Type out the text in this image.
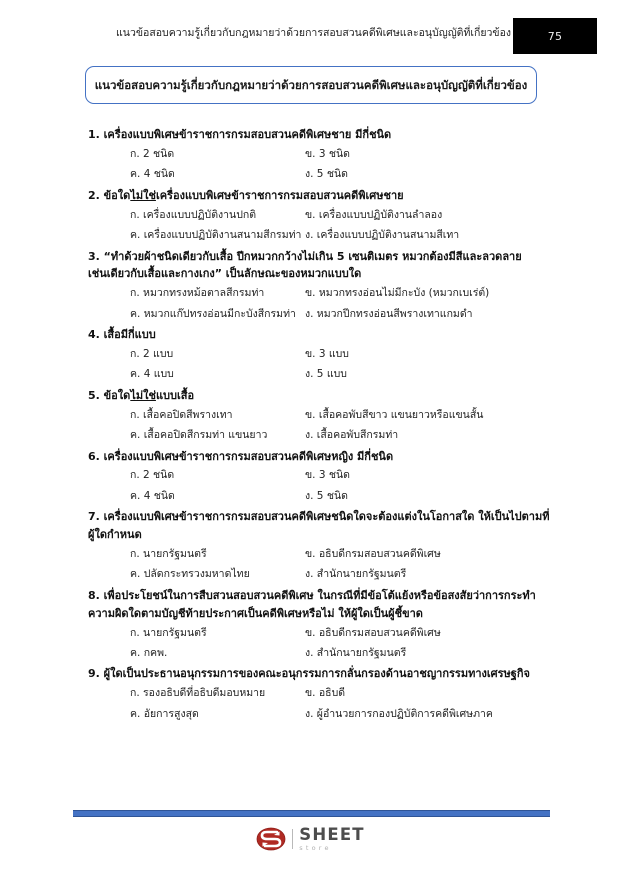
แนวข้อสอบความรู้เกี่ยวกับกฎหมายว่าด้วยการสอบสวนคดีพิเศษและอนุบัญญัติที่เกี่ยวข้อง	75
แนวข้อสอบความรู้เกี่ยวกับกฎหมายว่าด้วยการสอบสวนคดีพิเศษและอนุบัญญัติที่เกี่ยวข้อง

1. เครื่องแบบพิเศษข้าราชการกรมสอบสวนคดีพิเศษชาย มีกี่ชนิด

ก. 2 ชนิด	ข. 3 ชนิด
ค. 4 ชนิด	ง. 5 ชนิด

2. ข้อใดไม่ใช่เครื่องแบบพิเศษข้าราชการกรมสอบสวนคดีพิเศษชาย

ก. เครื่องแบบปฏิบัติงานปกติ	ข. เครื่องแบบปฏิบัติงานลำลอง
ค. เครื่องแบบปฏิบัติงานสนามสีกรมท่า ง. เครื่องแบบปฏิบัติงานสนามสีเทา

3. “ทำด้วยผ้าชนิดเดียวกับเสื้อ ปีกหมวกกว้างไม่เกิน 5 เซนติเมตร หมวกต้องมีสีและลวดลาย

เช่นเดียวกับเสื้อและกางเกง” เป็นลักษณะของหมวกแบบใด

ก. หมวกทรงหม้อตาลสีกรมท่า	ข. หมวกทรงอ่อนไม่มีกะบัง (หมวกเบเร่ต์)
ค. หมวกแก๊ปทรงอ่อนมีกะบังสีกรมท่า ง. หมวกปีกทรงอ่อนสีพรางเทาแกมดำ

4. เสื้อมีกี่แบบ

ก. 2 แบบ	ข. 3 แบบ
ค. 4 แบบ	ง. 5 แบบ

5. ข้อใดไม่ใช่แบบเสื้อ

ก. เสื้อคอปิดสีพรางเทา	ข. เสื้อคอพับสีขาว แขนยาวหรือแขนสั้น
ค. เสื้อคอปิดสีกรมท่า แขนยาว	ง. เสื้อคอพับสีกรมท่า

6. เครื่องแบบพิเศษข้าราชการกรมสอบสวนคดีพิเศษหญิง มีกี่ชนิด

ก. 2 ชนิด	ข. 3 ชนิด
ค. 4 ชนิด	ง. 5 ชนิด

7. เครื่องแบบพิเศษข้าราชการกรมสอบสวนคดีพิเศษชนิดใดจะต้องแต่งในโอกาสใด ให้เป็นไปตามที่

ผู้ใดกำหนด

ก. นายกรัฐมนตรี	ข. อธิบดีกรมสอบสวนคดีพิเศษ
ค. ปลัดกระทรวงมหาดไทย	ง. สำนักนายกรัฐมนตรี

8. เพื่อประโยชน์ในการสืบสวนสอบสวนคดีพิเศษ ในกรณีที่มีข้อโต้แย้งหรือข้อสงสัยว่าการกระทำ

ความผิดใดตามบัญชีท้ายประกาศเป็นคดีพิเศษหรือไม่ ให้ผู้ใดเป็นผู้ชี้ขาด

ก. นายกรัฐมนตรี	ข. อธิบดีกรมสอบสวนคดีพิเศษ
ค. กคพ.	ง. สำนักนายกรัฐมนตรี

9. ผู้ใดเป็นประธานอนุกรรมการของคณะอนุกรรมการกลั่นกรองด้านอาชญากรรมทางเศรษฐกิจ

ก. รองอธิบดีที่อธิบดีมอบหมาย	ข. อธิบดี
ค. อัยการสูงสุด	ง. ผู้อำนวยการกองปฏิบัติการคดีพิเศษภาค
SHEET
store
